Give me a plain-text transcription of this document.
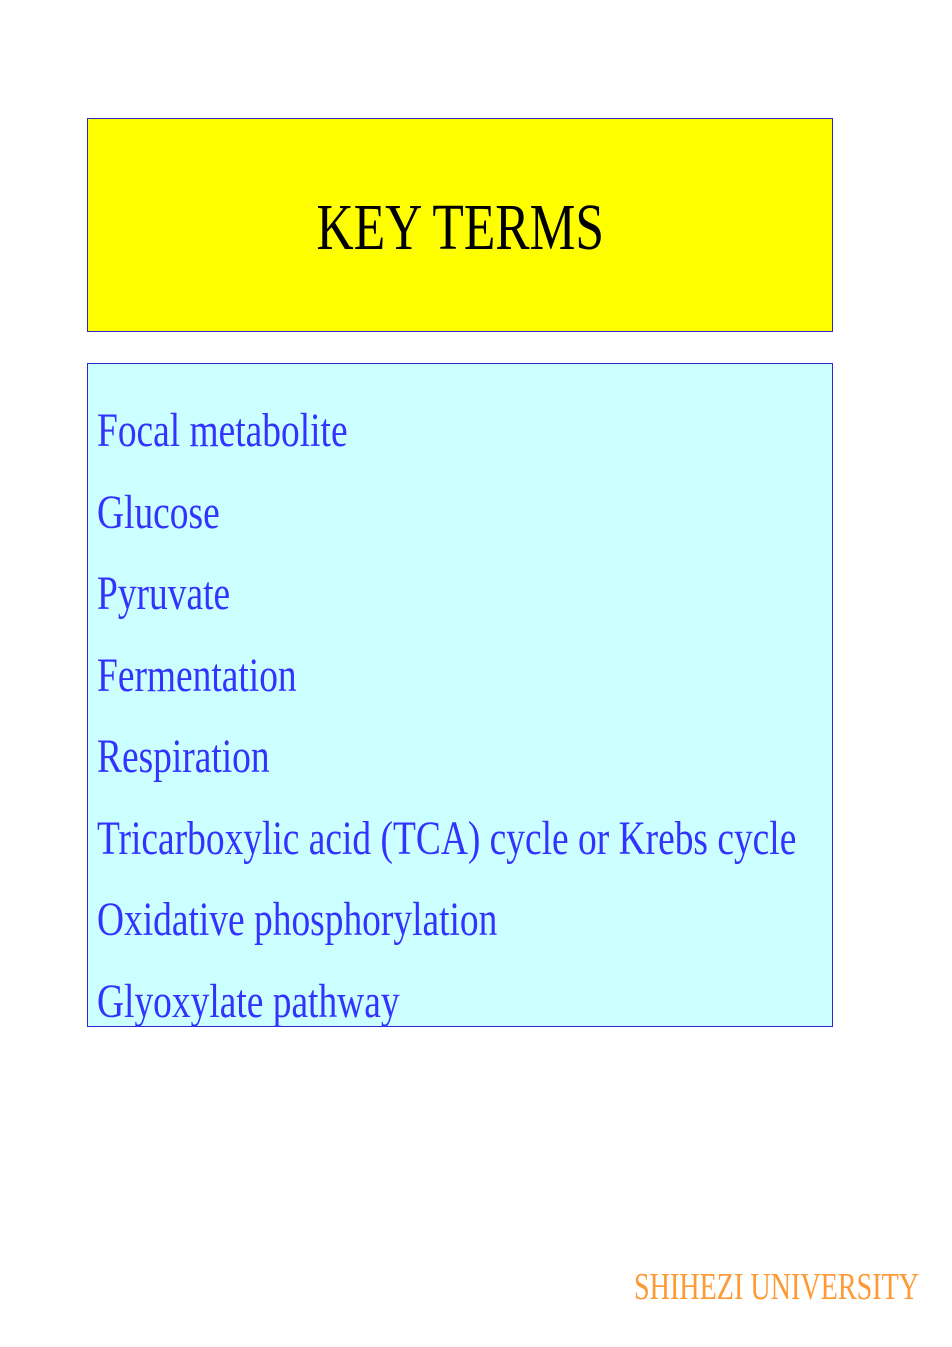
KEY TERMS
Focal metabolite
Glucose
Pyruvate
Fermentation
Respiration
Tricarboxylic acid (TCA) cycle or Krebs cycle
Oxidative phosphorylation
Glyoxylate pathway
SHIHEZI UNIVERSITY
